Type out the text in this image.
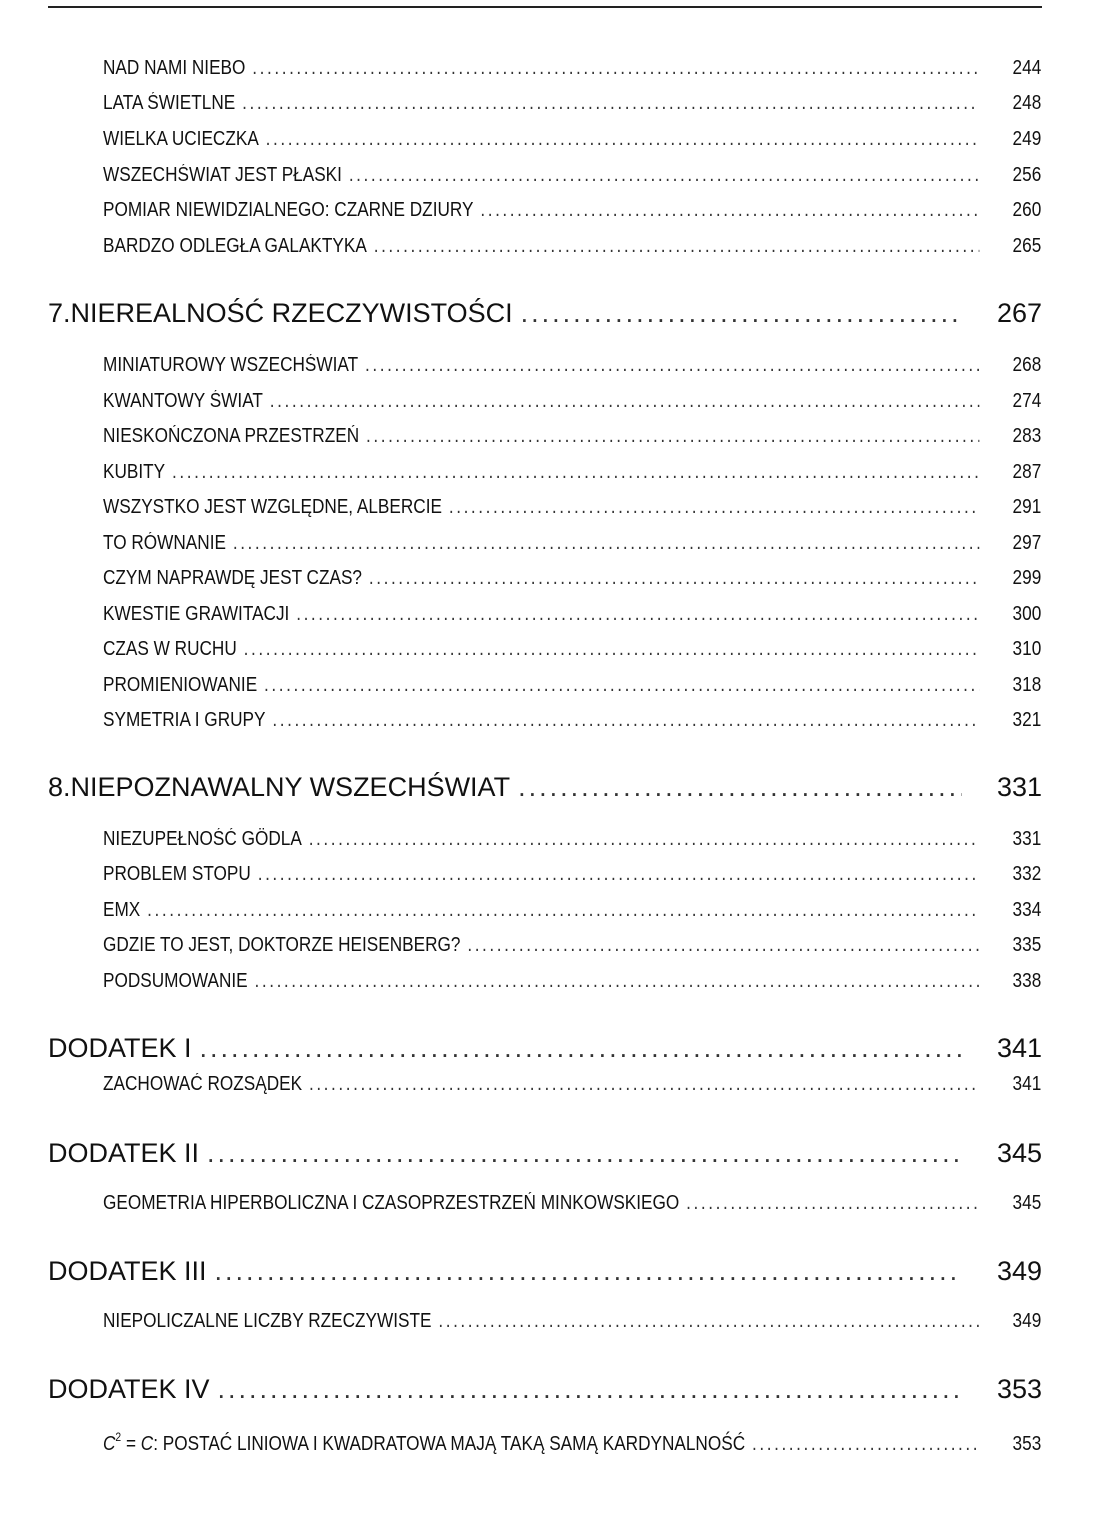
NAD NAMI NIEBO .....	244
LATA ŚWIETLNE .....	248
WIELKA UCIECZKA .....	249
WSZECHŚWIAT JEST PŁASKI .....	256
POMIAR NIEWIDZIALNEGO: CZARNE DZIURY .....	260
BARDZO ODLEGŁA GALAKTYKA .....	265
7. NIEREALNOŚĆ RZECZYWISTOŚCI .....	267
MINIATUROWY WSZECHŚWIAT .....	268
KWANTOWY ŚWIAT .....	274
NIESKOŃCZONA PRZESTRZEŃ .....	283
KUBITY .....	287
WSZYSTKO JEST WZGLĘDNE, ALBERCIE .....	291
TO RÓWNANIE .....	297
CZYM NAPRAWDĘ JEST CZAS? .....	299
KWESTIE GRAWITACJI .....	300
CZAS W RUCHU .....	310
PROMIENIOWANIE .....	318
SYMETRIA I GRUPY .....	321
8. NIEPOZNAWALNY WSZECHŚWIAT .....	331
NIEZUPEŁNOŚĆ GÖDLA .....	331
PROBLEM STOPU .....	332
EMX .....	334
GDZIE TO JEST, DOKTORZE HEISENBERG? .....	335
PODSUMOWANIE .....	338
DODATEK I .....	341
ZACHOWAĆ ROZSĄDEK .....	341
DODATEK II .....	345
GEOMETRIA HIPERBOLICZNA I CZASOPRZESTRZEŃ MINKOWSKIEGO .....	345
DODATEK III .....	349
NIEPOLICZALNE LICZBY RZECZYWISTE .....	349
DODATEK IV .....	353
$C^2 = C$: POSTAĆ LINIOWA I KWADRATOWA MAJĄ TAKĄ SAMĄ KARDYNALNOŚĆ .....	353
